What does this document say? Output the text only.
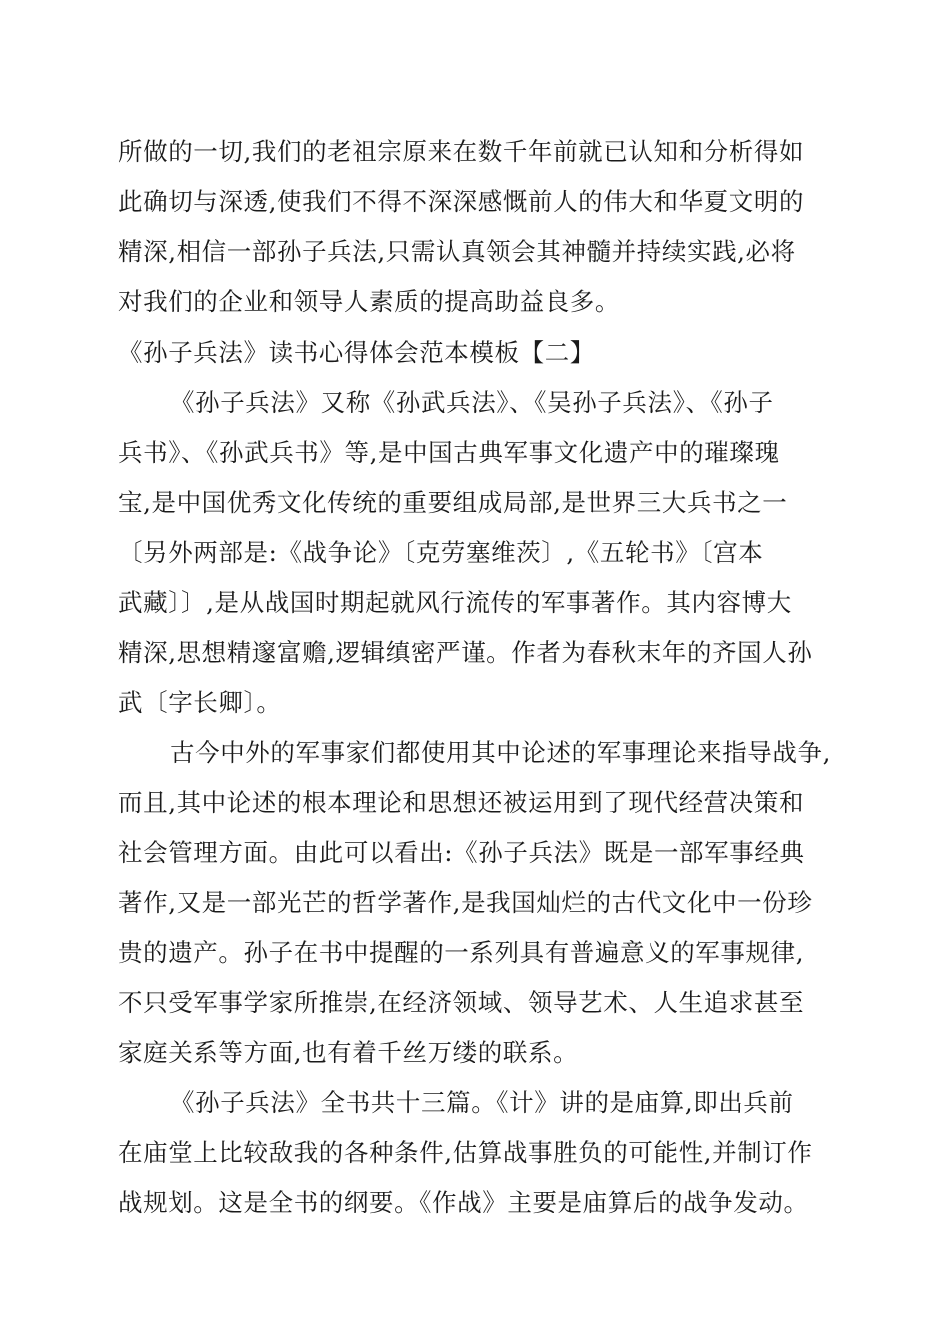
所做的一切,我们的老祖宗原来在数千年前就已认知和分析得如
此确切与深透,使我们不得不深深感慨前人的伟大和华夏文明的
精深,相信一部孙子兵法,只需认真领会其神髓并持续实践,必将
对我们的企业和领导人素质的提高助益良多。
《孙子兵法》读书心得体会范本模板【二】
《孙子兵法》又称《孙武兵法》、《吴孙子兵法》、《孙子
兵书》、《孙武兵书》等,是中国古典军事文化遗产中的璀璨瑰
宝,是中国优秀文化传统的重要组成局部,是世界三大兵书之一
〔另外两部是:《战争论》〔克劳塞维茨〕,《五轮书》〔宫本
武藏〕〕,是从战国时期起就风行流传的军事著作。其内容博大
精深,思想精邃富赡,逻辑缜密严谨。作者为春秋末年的齐国人孙
武〔字长卿〕。
古今中外的军事家们都使用其中论述的军事理论来指导战争,
而且,其中论述的根本理论和思想还被运用到了现代经营决策和
社会管理方面。由此可以看出:《孙子兵法》既是一部军事经典
著作,又是一部光芒的哲学著作,是我国灿烂的古代文化中一份珍
贵的遗产。孙子在书中提醒的一系列具有普遍意义的军事规律,
不只受军事学家所推崇,在经济领域、领导艺术、人生追求甚至
家庭关系等方面,也有着千丝万缕的联系。
《孙子兵法》全书共十三篇。《计》讲的是庙算,即出兵前
在庙堂上比较敌我的各种条件,估算战事胜负的可能性,并制订作
战规划。这是全书的纲要。《作战》主要是庙算后的战争发动。
